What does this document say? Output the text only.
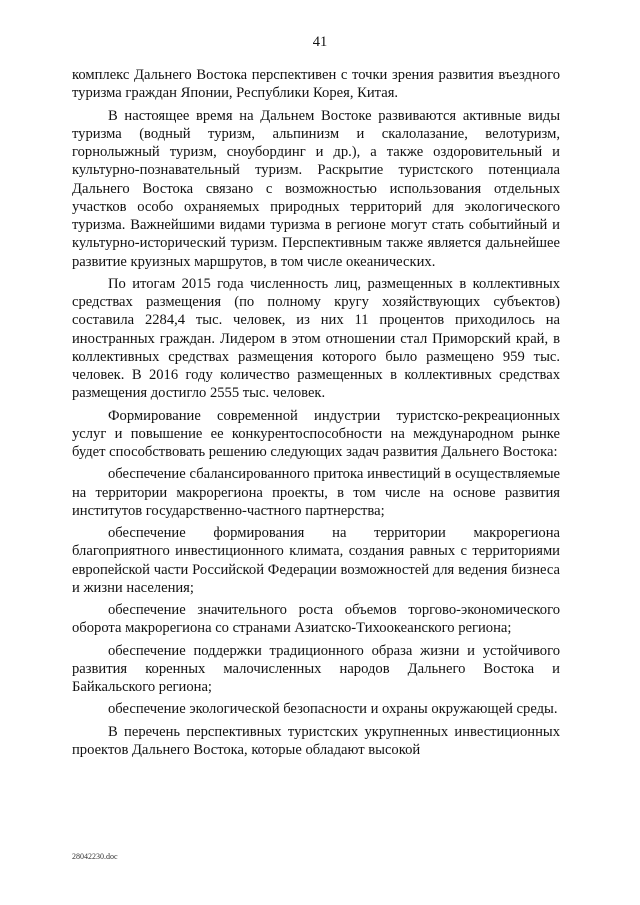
41

комплекс Дальнего Востока перспективен с точки зрения развития въездного туризма граждан Японии, Республики Корея, Китая.

В настоящее время на Дальнем Востоке развиваются активные виды туризма (водный туризм, альпинизм и скалолазание, велотуризм, горнолыжный туризм, сноубординг и др.), а также оздоровительный и культурно-познавательный туризм. Раскрытие туристского потенциала Дальнего Востока связано с возможностью использования отдельных участков особо охраняемых природных территорий для экологического туризма. Важнейшими видами туризма в регионе могут стать событийный и культурно-исторический туризм. Перспективным также является дальнейшее развитие круизных маршрутов, в том числе океанических.

По итогам 2015 года численность лиц, размещенных в коллективных средствах размещения (по полному кругу хозяйствующих субъектов) составила 2284,4 тыс. человек, из них 11 процентов приходилось на иностранных граждан. Лидером в этом отношении стал Приморский край, в коллективных средствах размещения которого было размещено 959 тыс. человек. В 2016 году количество размещенных в коллективных средствах размещения достигло 2555 тыс. человек.

Формирование современной индустрии туристско-рекреационных услуг и повышение ее конкурентоспособности на международном рынке будет способствовать решению следующих задач развития Дальнего Востока:

обеспечение сбалансированного притока инвестиций в осуществляемые на территории макрорегиона проекты, в том числе на основе развития институтов государственно-частного партнерства;

обеспечение формирования на территории макрорегиона благоприятного инвестиционного климата, создания равных с территориями европейской части Российской Федерации возможностей для ведения бизнеса и жизни населения;

обеспечение значительного роста объемов торгово-экономического оборота макрорегиона со странами Азиатско-Тихоокеанского региона;

обеспечение поддержки традиционного образа жизни и устойчивого развития коренных малочисленных народов Дальнего Востока и Байкальского региона;

обеспечение экологической безопасности и охраны окружающей среды.

В перечень перспективных туристских укрупненных инвестиционных проектов Дальнего Востока, которые обладают высокой

28042230.doc
